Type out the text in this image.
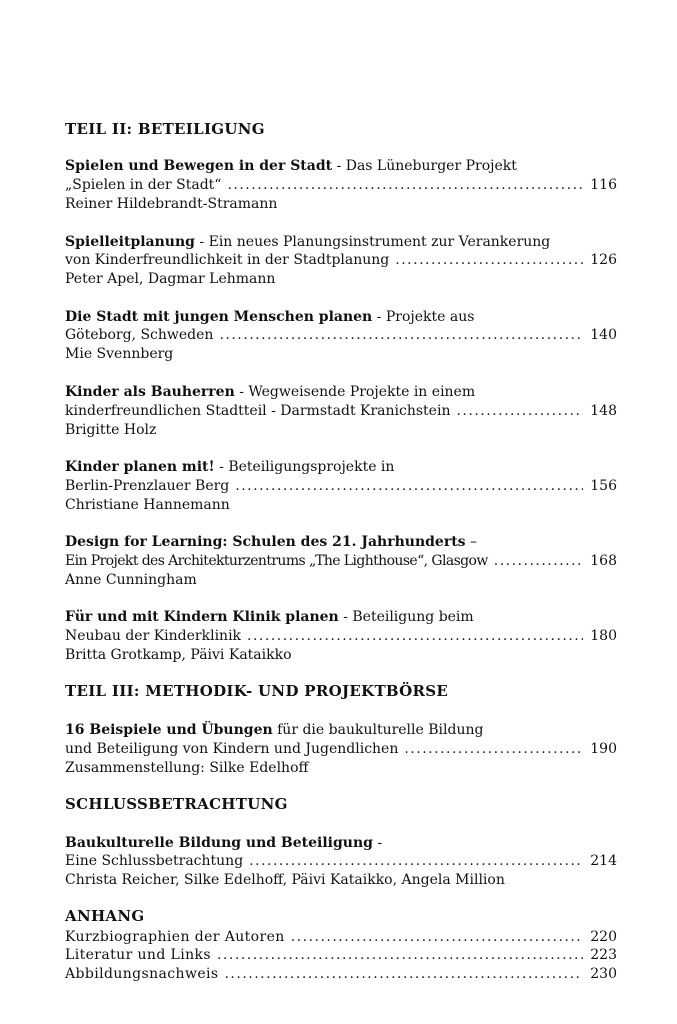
TEIL II: BETEILIGUNG
Spielen und Bewegen in der Stadt - Das Lüneburger Projekt
„Spielen in der Stadt“ .....	116
Reiner Hildebrandt-Stramann
Spielleitplanung - Ein neues Planungsinstrument zur Verankerung
von Kinderfreundlichkeit in der Stadtplanung .....	126
Peter Apel, Dagmar Lehmann
Die Stadt mit jungen Menschen planen - Projekte aus
Göteborg, Schweden .....	140
Mie Svennberg
Kinder als Bauherren - Wegweisende Projekte in einem
kinderfreundlichen Stadtteil - Darmstadt Kranichstein .....	148
Brigitte Holz
Kinder planen mit! - Beteiligungsprojekte in
Berlin-Prenzlauer Berg .....	156
Christiane Hannemann
Design for Learning: Schulen des 21. Jahrhunderts –
Ein Projekt des Architekturzentrums „The Lighthouse“, Glasgow .....	168
Anne Cunningham
Für und mit Kindern Klinik planen - Beteiligung beim
Neubau der Kinderklinik .....	180
Britta Grotkamp, Päivi Kataikko
TEIL III: METHODIK- UND PROJEKTBÖRSE
16 Beispiele und Übungen für die baukulturelle Bildung
und Beteiligung von Kindern und Jugendlichen .....	190
Zusammenstellung: Silke Edelhoff
SCHLUSSBETRACHTUNG
Baukulturelle Bildung und Beteiligung -
Eine Schlussbetrachtung .....	214
Christa Reicher, Silke Edelhoff, Päivi Kataikko, Angela Million
ANHANG
Kurzbiographien der Autoren .....	220
Literatur und Links .....	223
Abbildungsnachweis .....	230
